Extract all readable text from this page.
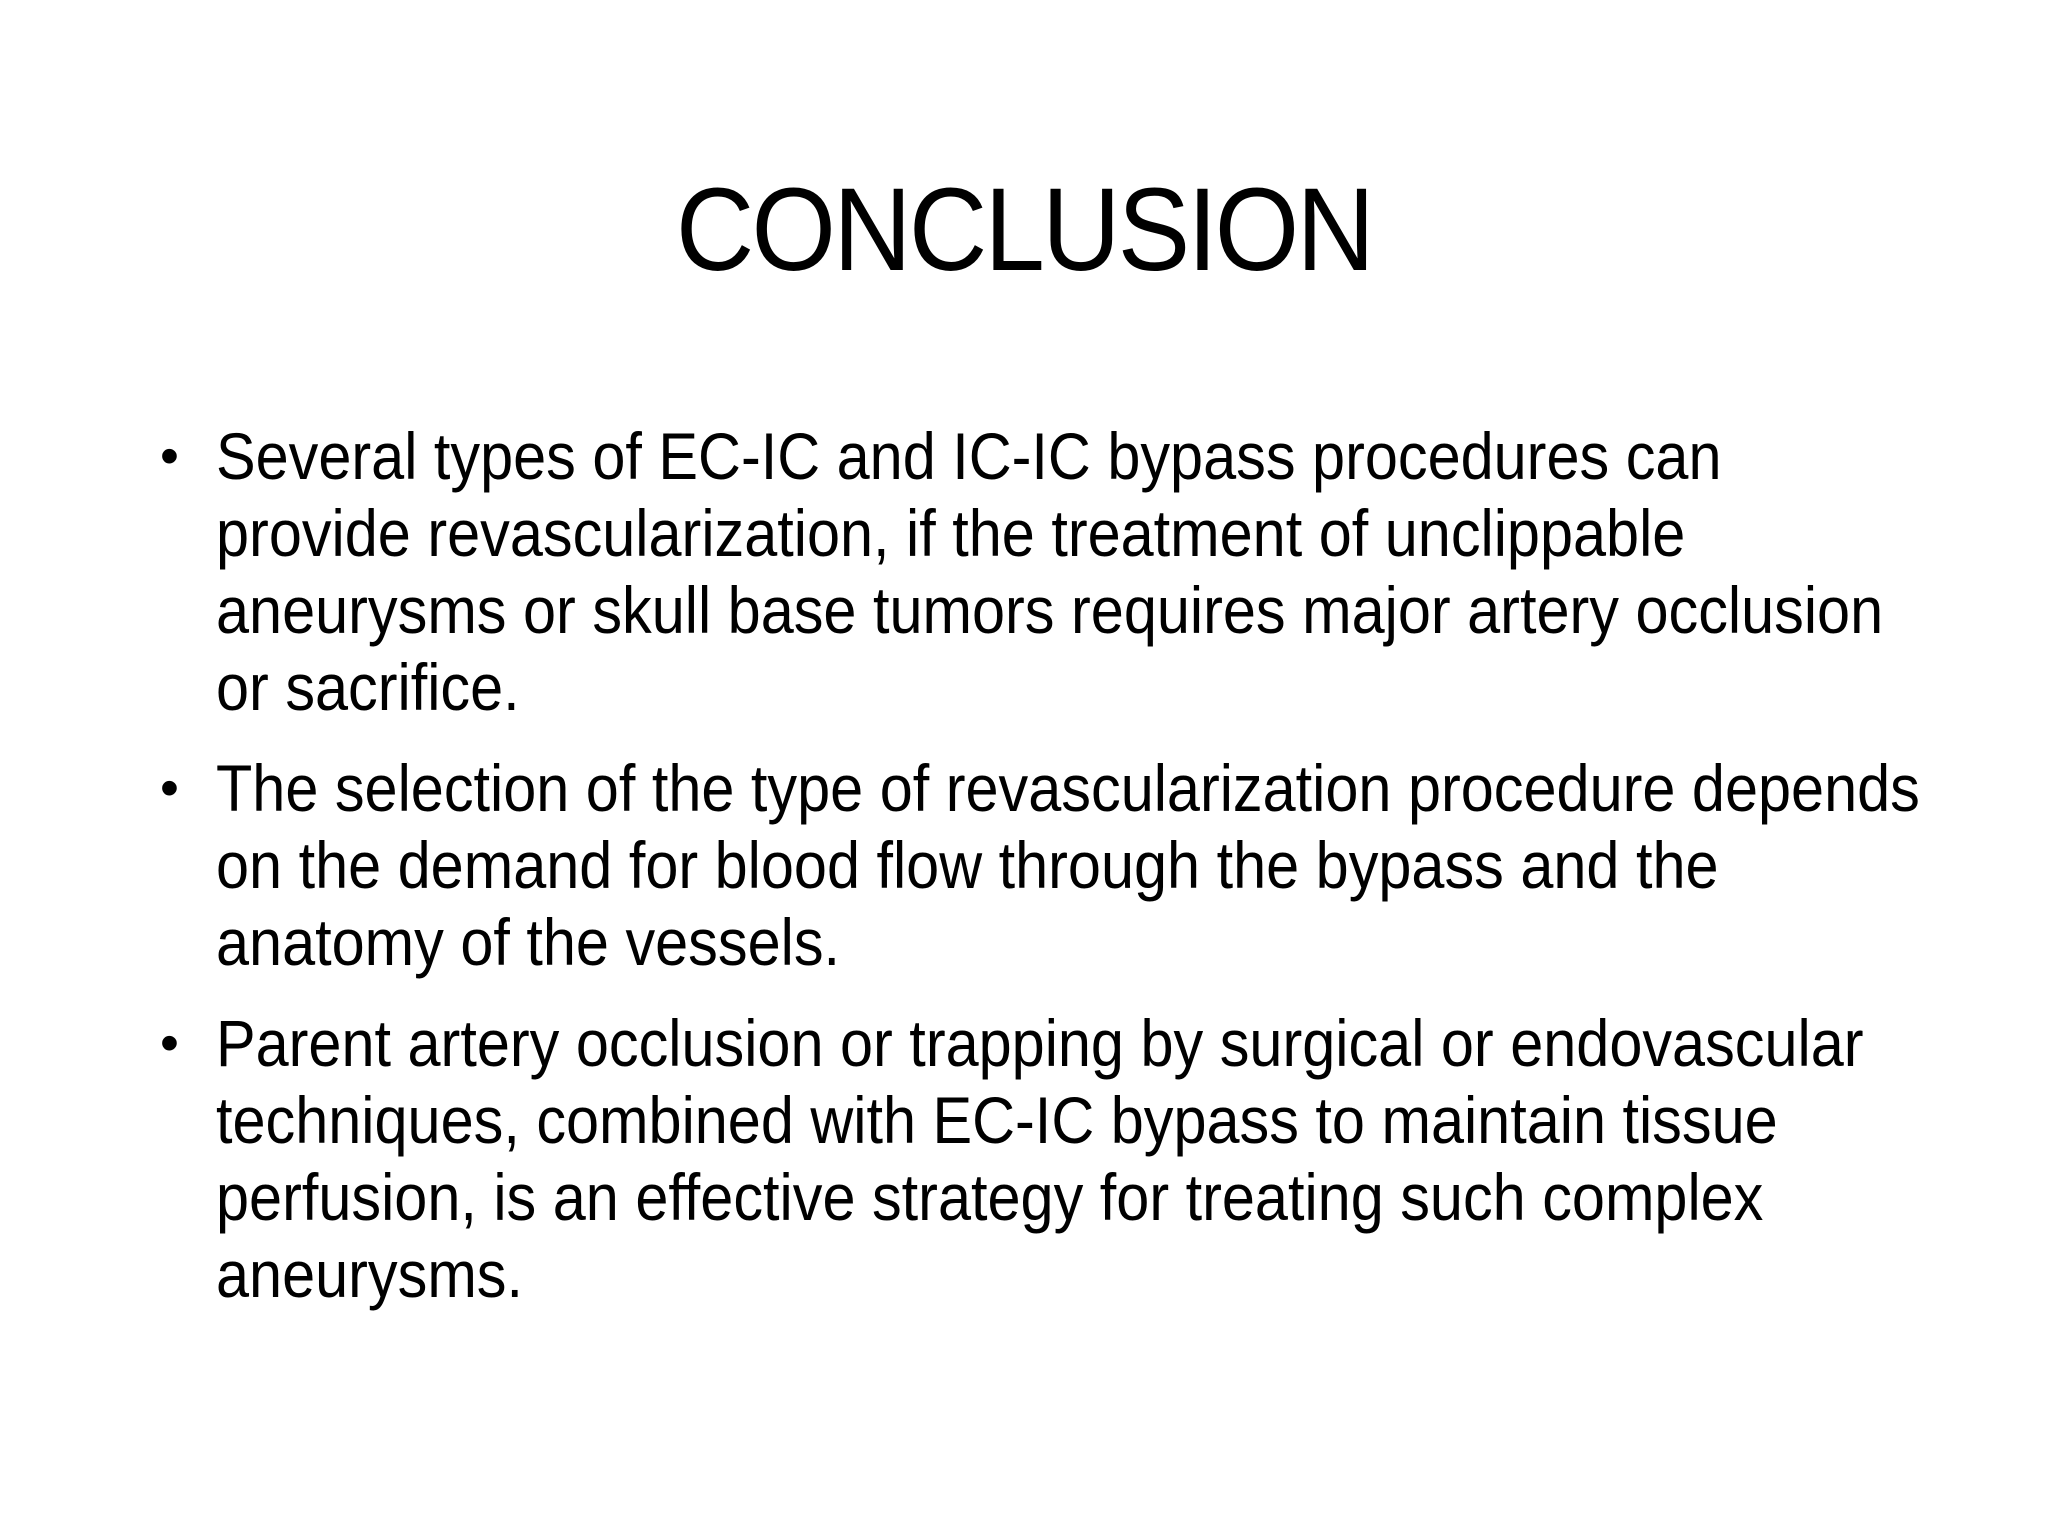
CONCLUSION
• Several types of EC-IC and IC-IC bypass procedures can provide revascularization, if the treatment of unclippable aneurysms or skull base tumors requires major artery occlusion or sacrifice.
• The selection of the type of revascularization procedure depends on the demand for blood flow through the bypass and the anatomy of the vessels.
• Parent artery occlusion or trapping by surgical or endovascular techniques, combined with EC-IC bypass to maintain tissue perfusion, is an effective strategy for treating such complex aneurysms.
